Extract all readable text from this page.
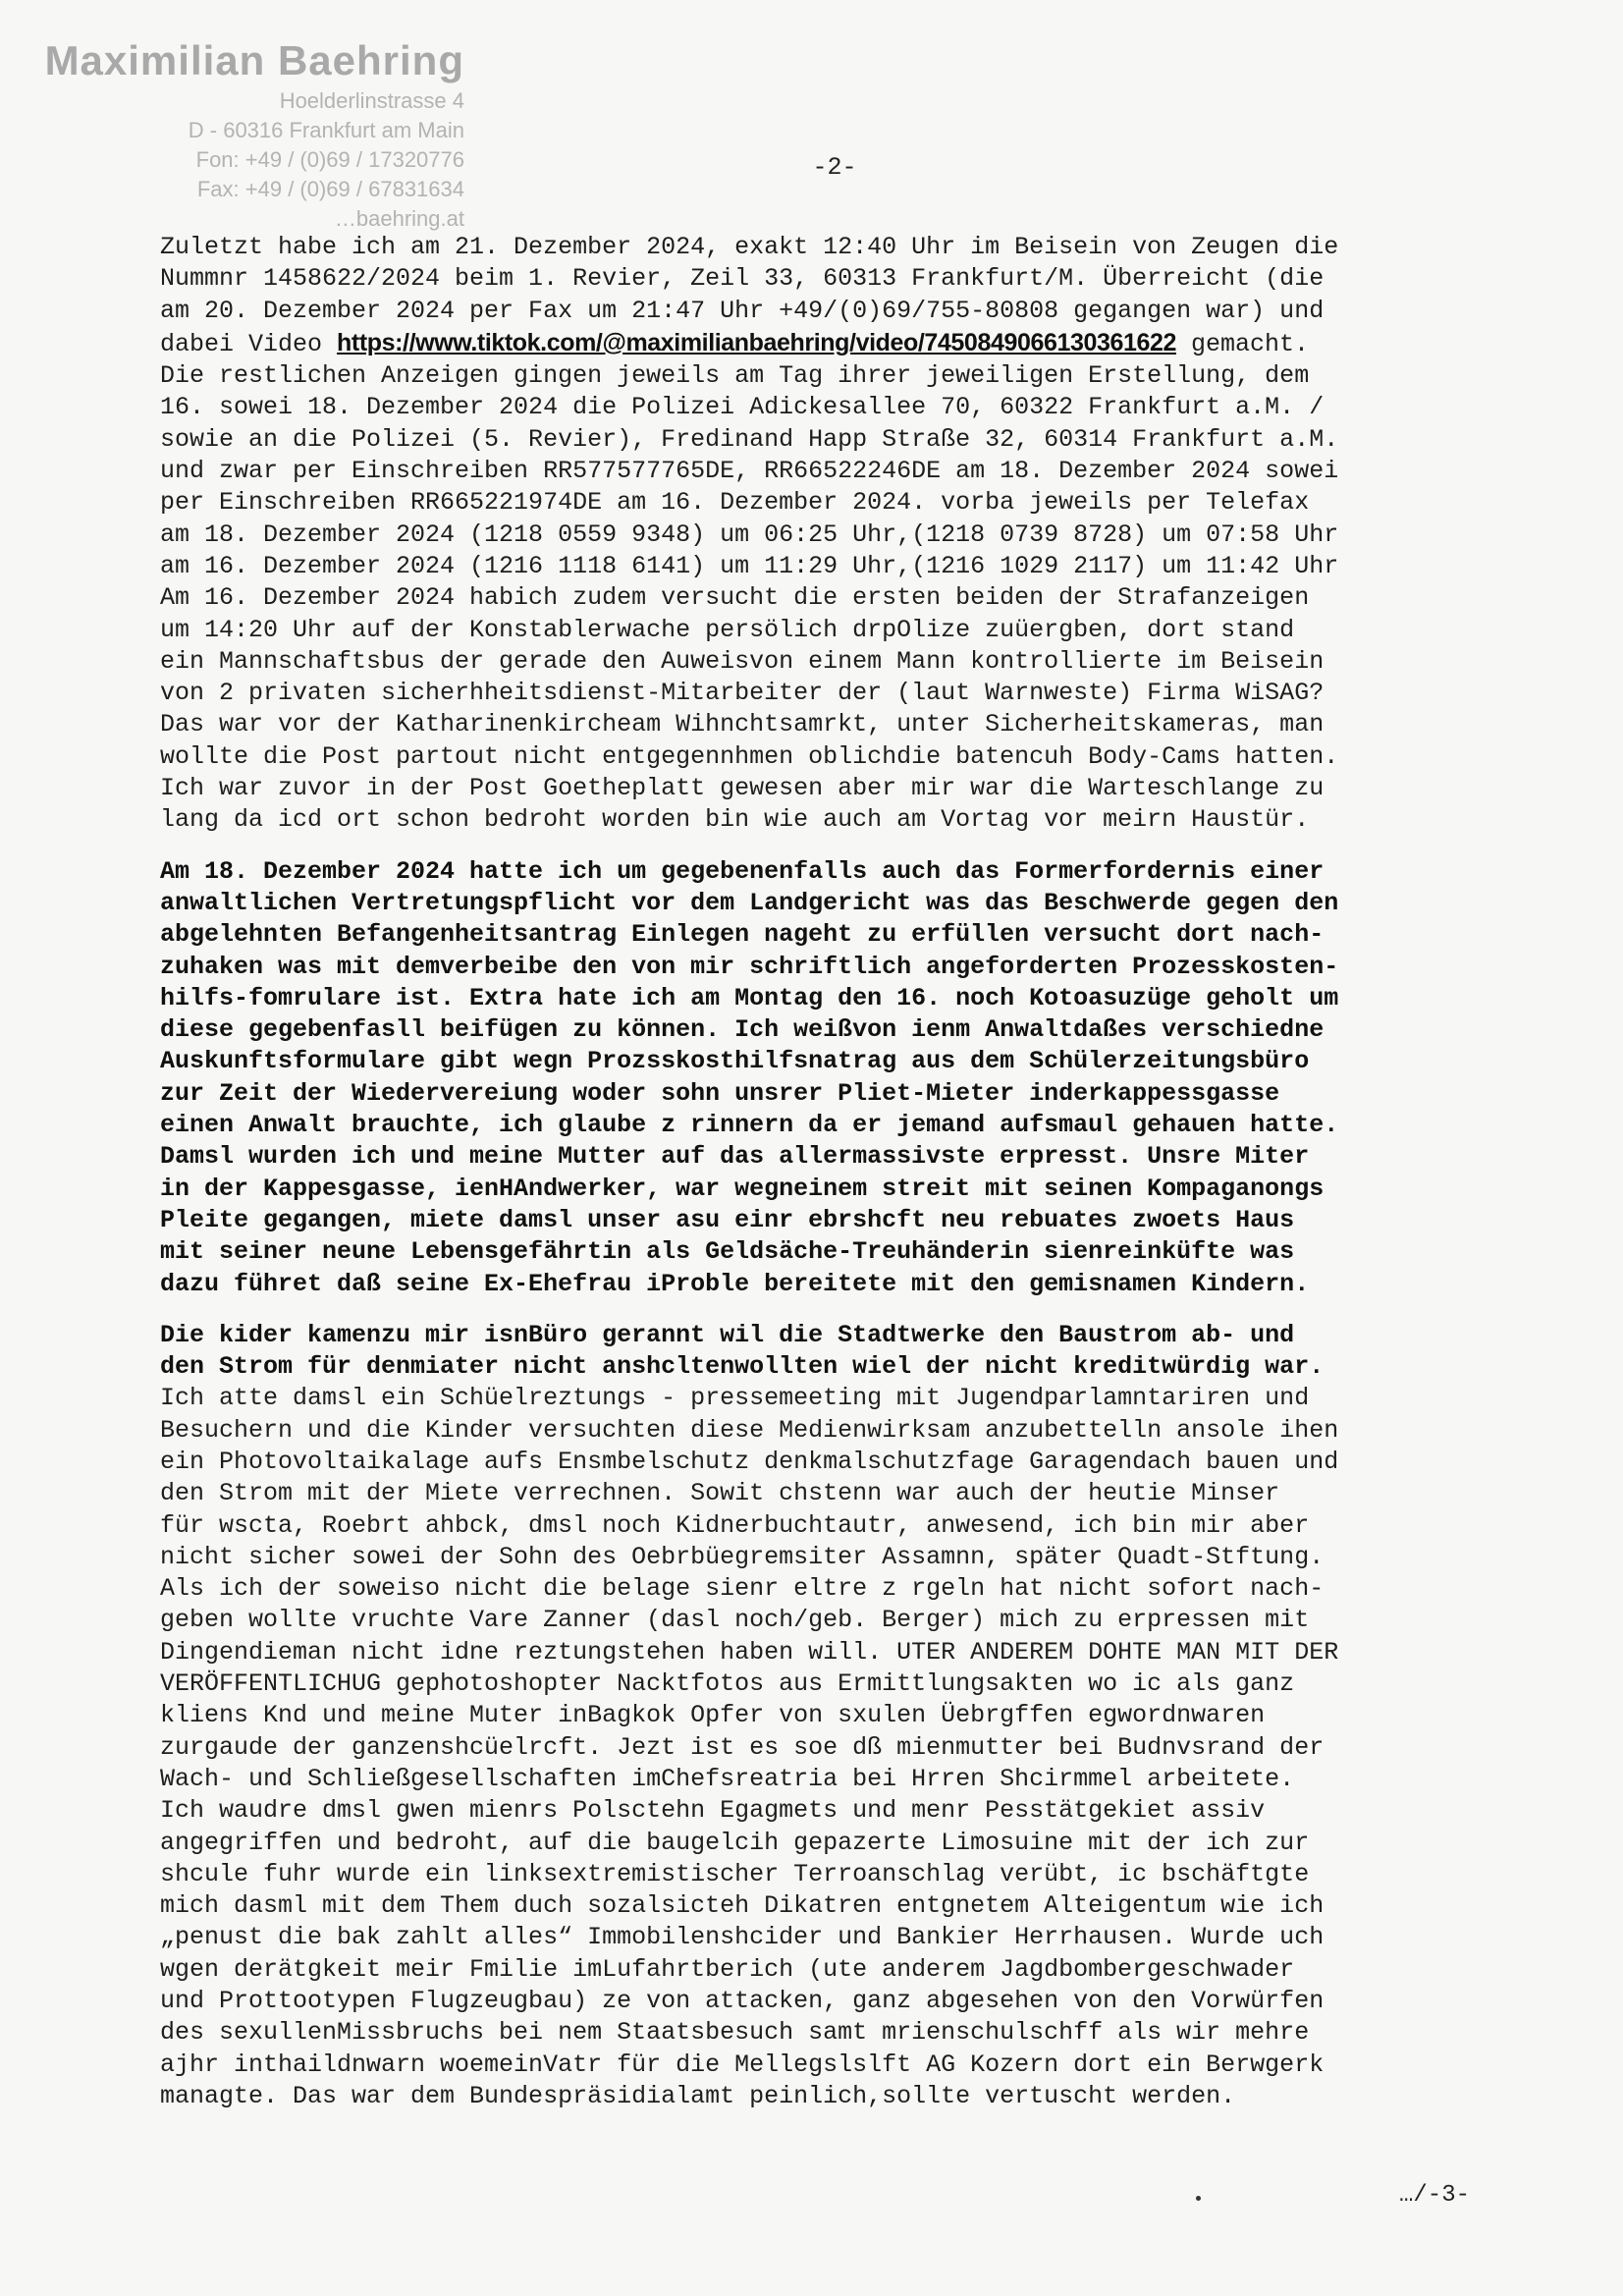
Maximilian Baehring
Hoelderlinstrasse 4
D - 60316 Frankfurt am Main
Fon: +49 / (0)69 / 17320776
Fax: +49 / (0)69 / 67831634
…baehring.at
-2-
Zuletzt habe ich am 21. Dezember 2024, exakt 12:40 Uhr im Beisein von Zeugen die
Nummnr 1458622/2024 beim 1. Revier, Zeil 33, 60313 Frankfurt/M. Überreicht (die
am 20. Dezember 2024 per Fax um 21:47 Uhr +49/(0)69/755-80808 gegangen war) und
dabei Video https://www.tiktok.com/@maximilianbaehring/video/7450849066130361622 gemacht.
Die restlichen Anzeigen gingen jeweils am Tag ihrer jeweiligen Erstellung, dem
16. sowei 18. Dezember 2024 die Polizei Adickesallee 70, 60322 Frankfurt a.M. /
sowie an die Polizei (5. Revier), Fredinand Happ Straße 32, 60314 Frankfurt a.M.
und zwar per Einschreiben RR577577765DE, RR66522246DE am 18. Dezember 2024 sowei
per Einschreiben RR665221974DE am 16. Dezember 2024. vorba jeweils per Telefax
am 18. Dezember 2024 (1218 0559 9348) um 06:25 Uhr,(1218 0739 8728) um 07:58 Uhr
am 16. Dezember 2024 (1216 1118 6141) um 11:29 Uhr,(1216 1029 2117) um 11:42 Uhr
Am 16. Dezember 2024 habich zudem versucht die ersten beiden der Strafanzeigen
um 14:20 Uhr auf der Konstablerwache persölich drpOlize zuüergben, dort stand
ein Mannschaftsbus der gerade den Auweisvon einem Mann kontrollierte im Beisein
von 2 privaten sicherhheitsdienst-Mitarbeiter der (laut Warnweste) Firma WiSAG?
Das war vor der Katharinenkircheam Wihnchtsamrkt, unter Sicherheitskameras, man
wollte die Post partout nicht entgegennhmen oblichdie batencuh Body-Cams hatten.
Ich war zuvor in der Post Goetheplatt gewesen aber mir war die Warteschlange zu
lang da icd ort schon bedroht worden bin wie auch am Vortag vor meirn Haustür.
Am 18. Dezember 2024 hatte ich um gegebenenfalls auch das Formerfordernis einer
anwaltlichen Vertretungspflicht vor dem Landgericht was das Beschwerde gegen den
abgelehnten Befangenheitsantrag Einlegen nageht zu erfüllen versucht dort nach-
zuhaken was mit demverbeibe den von mir schriftlich angeforderten Prozesskosten-
hilfs-fomrulare ist. Extra hate ich am Montag den 16. noch Kotoasuzüge geholt um
diese gegebenfasll beifügen zu können. Ich weißvon ienm Anwaltdaßes verschiedne
Auskunftsformulare gibt wegn Prozsskosthilfsnatrag aus dem Schülerzeitungsbüro
zur Zeit der Wiedervereiung woder sohn unsrer Pliet-Mieter inderkappessgasse
einen Anwalt brauchte, ich glaube z rinnern da er jemand aufsmaul gehauen hatte.
Damsl wurden ich und meine Mutter auf das allermassivste erpresst. Unsre Miter
in der Kappesgasse, ienHAndwerker, war wegneinem streit mit seinen Kompaganongs
Pleite gegangen, miete damsl unser asu einr ebrshcft neu rebuates zwoets Haus
mit seiner neune Lebensgefährtin als Geldsäche-Treuhänderin sienreinküfte was
dazu führet daß seine Ex-Ehefrau iProble bereitete mit den gemisnamen Kindern.
Die kider kamenzu mir isnBüro gerannt wil die Stadtwerke den Baustrom ab- und
den Strom für denmiater nicht anshcltenwollten wiel der nicht kreditwürdig war.
Ich atte damsl ein Schüelreztungs - pressemeeting mit Jugendparlamntariren und
Besuchern und die Kinder versuchten diese Medienwirksam anzubettelln ansole ihen
ein Photovoltaikalage aufs Ensmbelschutz denkmalschutzfage Garagendach bauen und
den Strom mit der Miete verrechnen. Sowit chstenn war auch der heutie Minser
für wscta, Roebrt ahbck, dmsl noch Kidnerbuchtautr, anwesend, ich bin mir aber
nicht sicher sowei der Sohn des Oebrbüegremsiter Assamnn, später Quadt-Stftung.
Als ich der soweiso nicht die belage sienr eltre z rgeln hat nicht sofort nach-
geben wollte vruchte Vare Zanner (dasl noch/geb. Berger) mich zu erpressen mit
Dingendieman nicht idne reztungstehen haben will. UTER ANDEREM DOHTE MAN MIT DER
VERÖFFENTLICHUG gephotoshopter Nacktfotos aus Ermittlungsakten wo ic als ganz
kliens Knd und meine Muter inBagkok Opfer von sxulen Üebrgffen egwordnwaren
zurgaude der ganzenshcüelrcft. Jezt ist es soe dß mienmutter bei Budnvsrand der
Wach- und Schließgesellschaften imChefsreatria bei Hrren Shcirmmel arbeitete.
Ich waudre dmsl gwen mienrs Polsctehn Egagmets und menr Pesstätgekiet assiv
angegriffen und bedroht, auf die baugelcih gepazerte Limosuine mit der ich zur
shcule fuhr wurde ein linksextremistischer Terroanschlag verübt, ic bschäftgte
mich dasml mit dem Them duch sozalsicteh Dikatren entgnetem Alteigentum wie ich
„penust die bak zahlt alles“ Immobilenshcider und Bankier Herrhausen. Wurde uch
wgen derätgkeit meir Fmilie imLufahrtberich (ute anderem Jagdbombergeschwader
und Prottootypen Flugzeugbau) ze von attacken, ganz abgesehen von den Vorwürfen
des sexullenMissbruchs bei nem Staatsbesuch samt mrienschulschff als wir mehre
ajhr inthaildnwarn woemeinVatr für die Mellegslslft AG Kozern dort ein Berwgerk
managte. Das war dem Bundespräsidialamt peinlich,sollte vertuscht werden.
…/-3-
